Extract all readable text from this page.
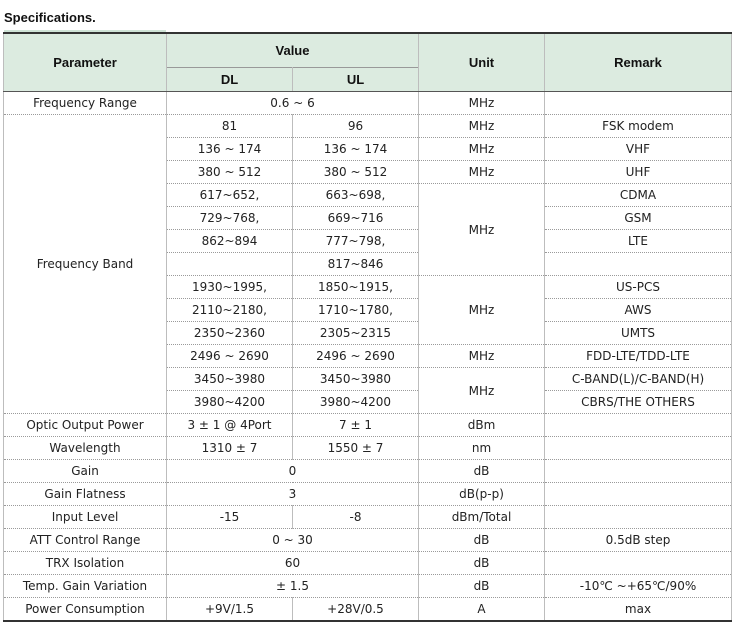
Specifications.
Parameter	Value		Unit	Remark
	DL	UL		
Frequency Range	0.6 ~ 6		MHz	
Frequency Band	81	96	MHz	FSK modem
	136 ~ 174	136 ~ 174	MHz	VHF
	380 ~ 512	380 ~ 512	MHz	UHF
	617~652,	663~698,	MHz	CDMA
	729~768,	669~716		GSM
	862~894	777~798,		LTE
		817~846		
	1930~1995,	1850~1915,	MHz	US-PCS
	2110~2180,	1710~1780,		AWS
	2350~2360	2305~2315		UMTS
	2496 ~ 2690	2496 ~ 2690	MHz	FDD-LTE/TDD-LTE
	3450~3980	3450~3980	MHz	C-BAND(L)/C-BAND(H)
	3980~4200	3980~4200		CBRS/THE OTHERS
Optic Output Power	3 ± 1 @ 4Port	7 ± 1	dBm	
Wavelength	1310 ± 7	1550 ± 7	nm	
Gain	0		dB	
Gain Flatness	3		dB(p-p)	
Input Level	-15	-8	dBm/Total	
ATT Control Range	0 ~ 30		dB	0.5dB step
TRX Isolation	60		dB	
Temp. Gain Variation	± 1.5		dB	-10℃ ~+65℃/90%
Power Consumption	+9V/1.5	+28V/0.5	A	max
